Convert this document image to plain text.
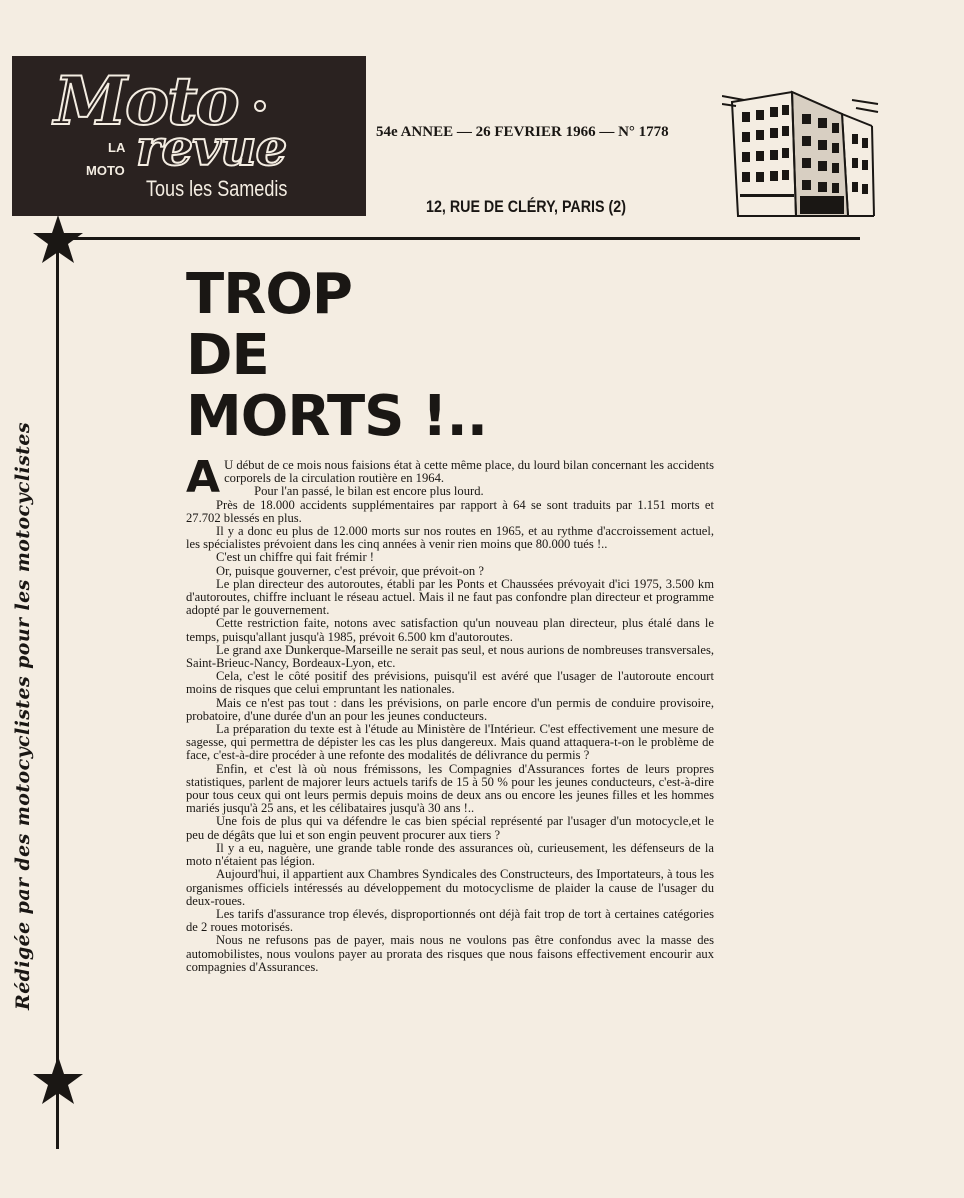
Moto
LA
MOTO revue
Tous les Samedis
54e ANNEE — 26 FEVRIER 1966 — N° 1778
12, RUE DE CLÉRY, PARIS (2)
Rédigée par des motocyclistes pour les motocyclistes
TROP
DE
MORTS !..

A U début de ce mois nous faisions état à cette même place, du lourd bilan concernant les accidents corporels de la circulation routière en 1964.

Pour l'an passé, le bilan est encore plus lourd.

Près de 18.000 accidents supplémentaires par rapport à 64 se sont traduits par 1.151 morts et 27.702 blessés en plus.

Il y a donc eu plus de 12.000 morts sur nos routes en 1965, et au rythme d'accroissement actuel, les spécialistes prévoient dans les cinq années à venir rien moins que 80.000 tués !..

C'est un chiffre qui fait frémir !

Or, puisque gouverner, c'est prévoir, que prévoit-on ?

Le plan directeur des autoroutes, établi par les Ponts et Chaussées prévoyait d'ici 1975, 3.500 km d'autoroutes, chiffre incluant le réseau actuel. Mais il ne faut pas confondre plan directeur et programme adopté par le gouvernement.

Cette restriction faite, notons avec satisfaction qu'un nouveau plan directeur, plus étalé dans le temps, puisqu'allant jusqu'à 1985, prévoit 6.500 km d'autoroutes.

Le grand axe Dunkerque-Marseille ne serait pas seul, et nous aurions de nombreuses transversales, Saint-Brieuc-Nancy, Bordeaux-Lyon, etc.

Cela, c'est le côté positif des prévisions, puisqu'il est avéré que l'usager de l'autoroute encourt moins de risques que celui empruntant les nationales.

Mais ce n'est pas tout : dans les prévisions, on parle encore d'un permis de conduire provisoire, probatoire, d'une durée d'un an pour les jeunes conducteurs.

La préparation du texte est à l'étude au Ministère de l'Intérieur. C'est effectivement une mesure de sagesse, qui permettra de dépister les cas les plus dangereux. Mais quand attaquera-t-on le problème de face, c'est-à-dire procéder à une refonte des modalités de délivrance du permis ?

Enfin, et c'est là où nous frémissons, les Compagnies d'Assurances fortes de leurs propres statistiques, parlent de majorer leurs actuels tarifs de 15 à 50 % pour les jeunes conducteurs, c'est-à-dire pour tous ceux qui ont leurs permis depuis moins de deux ans ou encore les jeunes filles et les hommes mariés jusqu'à 25 ans, et les célibataires jusqu'à 30 ans !..

Une fois de plus qui va défendre le cas bien spécial représenté par l'usager d'un motocycle,et le peu de dégâts que lui et son engin peuvent procurer aux tiers ?

Il y a eu, naguère, une grande table ronde des assurances où, curieusement, les défenseurs de la moto n'étaient pas légion.

Aujourd'hui, il appartient aux Chambres Syndicales des Constructeurs, des Importateurs, à tous les organismes officiels intéressés au développement du motocyclisme de plaider la cause de l'usager du deux-roues.

Les tarifs d'assurance trop élevés, disproportionnés ont déjà fait trop de tort à certaines catégories de 2 roues motorisés.

Nous ne refusons pas de payer, mais nous ne voulons pas être confondus avec la masse des automobilistes, nous voulons payer au prorata des risques que nous faisons effectivement encourir aux compagnies d'Assurances.
